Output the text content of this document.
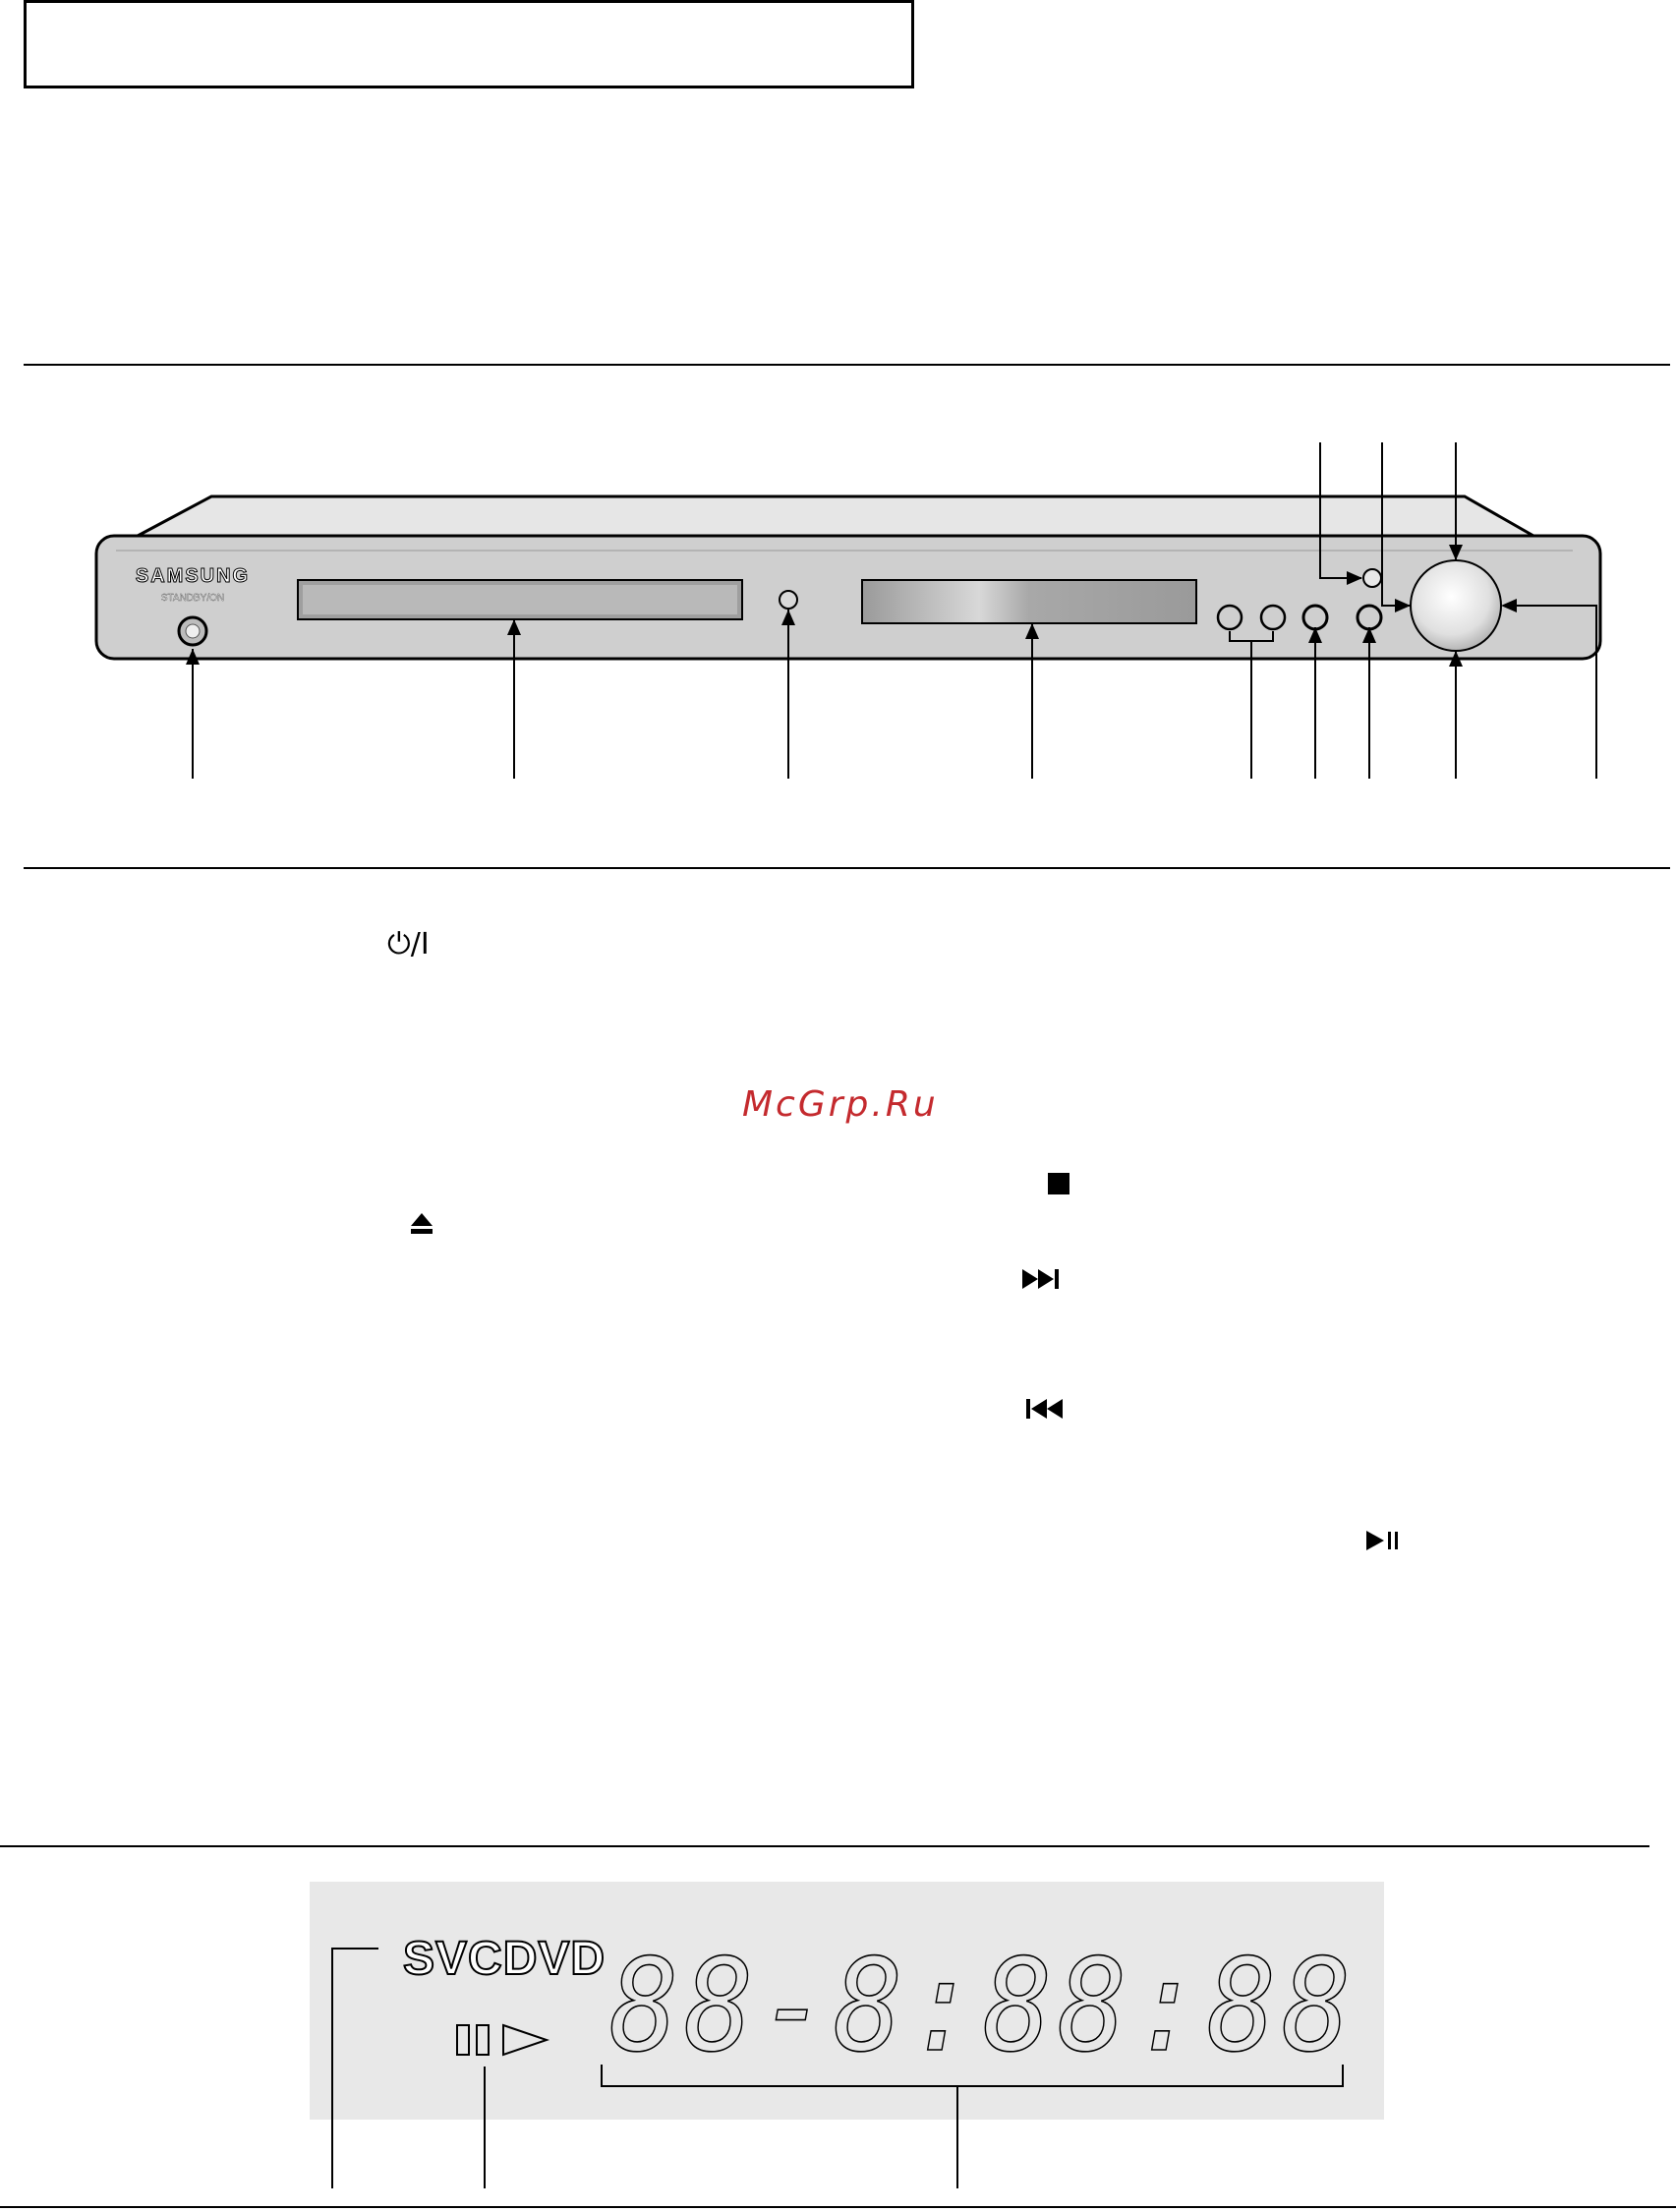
SAMSUNG
STANDBY/ON
⏻/I
McGrp.Ru
SVCDVD 88-8:88:88
